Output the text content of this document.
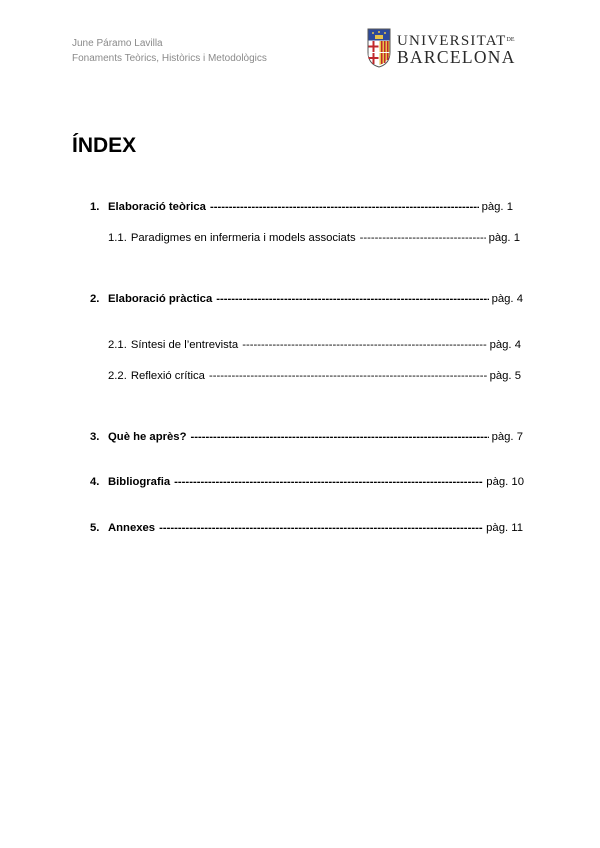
June Páramo Lavilla
Fonaments Teòrics, Històrics i Metodològics
$UNIVERSITAT^{DE}$
BARCELONA
ÍNDEX
1. Elaboració teòrica -----	pàg. 1
1.1. Paradigmes en infermeria i models associats -----	pàg. 1
2. Elaboració pràctica -----	pàg. 4
2.1. Síntesi de l’entrevista -----	pàg. 4
2.2. Reflexió crítica -----	pàg. 5
3. Què he après? -----	pàg. 7
4. Bibliografia -----	pàg. 10
5. Annexes -----	pàg. 11
